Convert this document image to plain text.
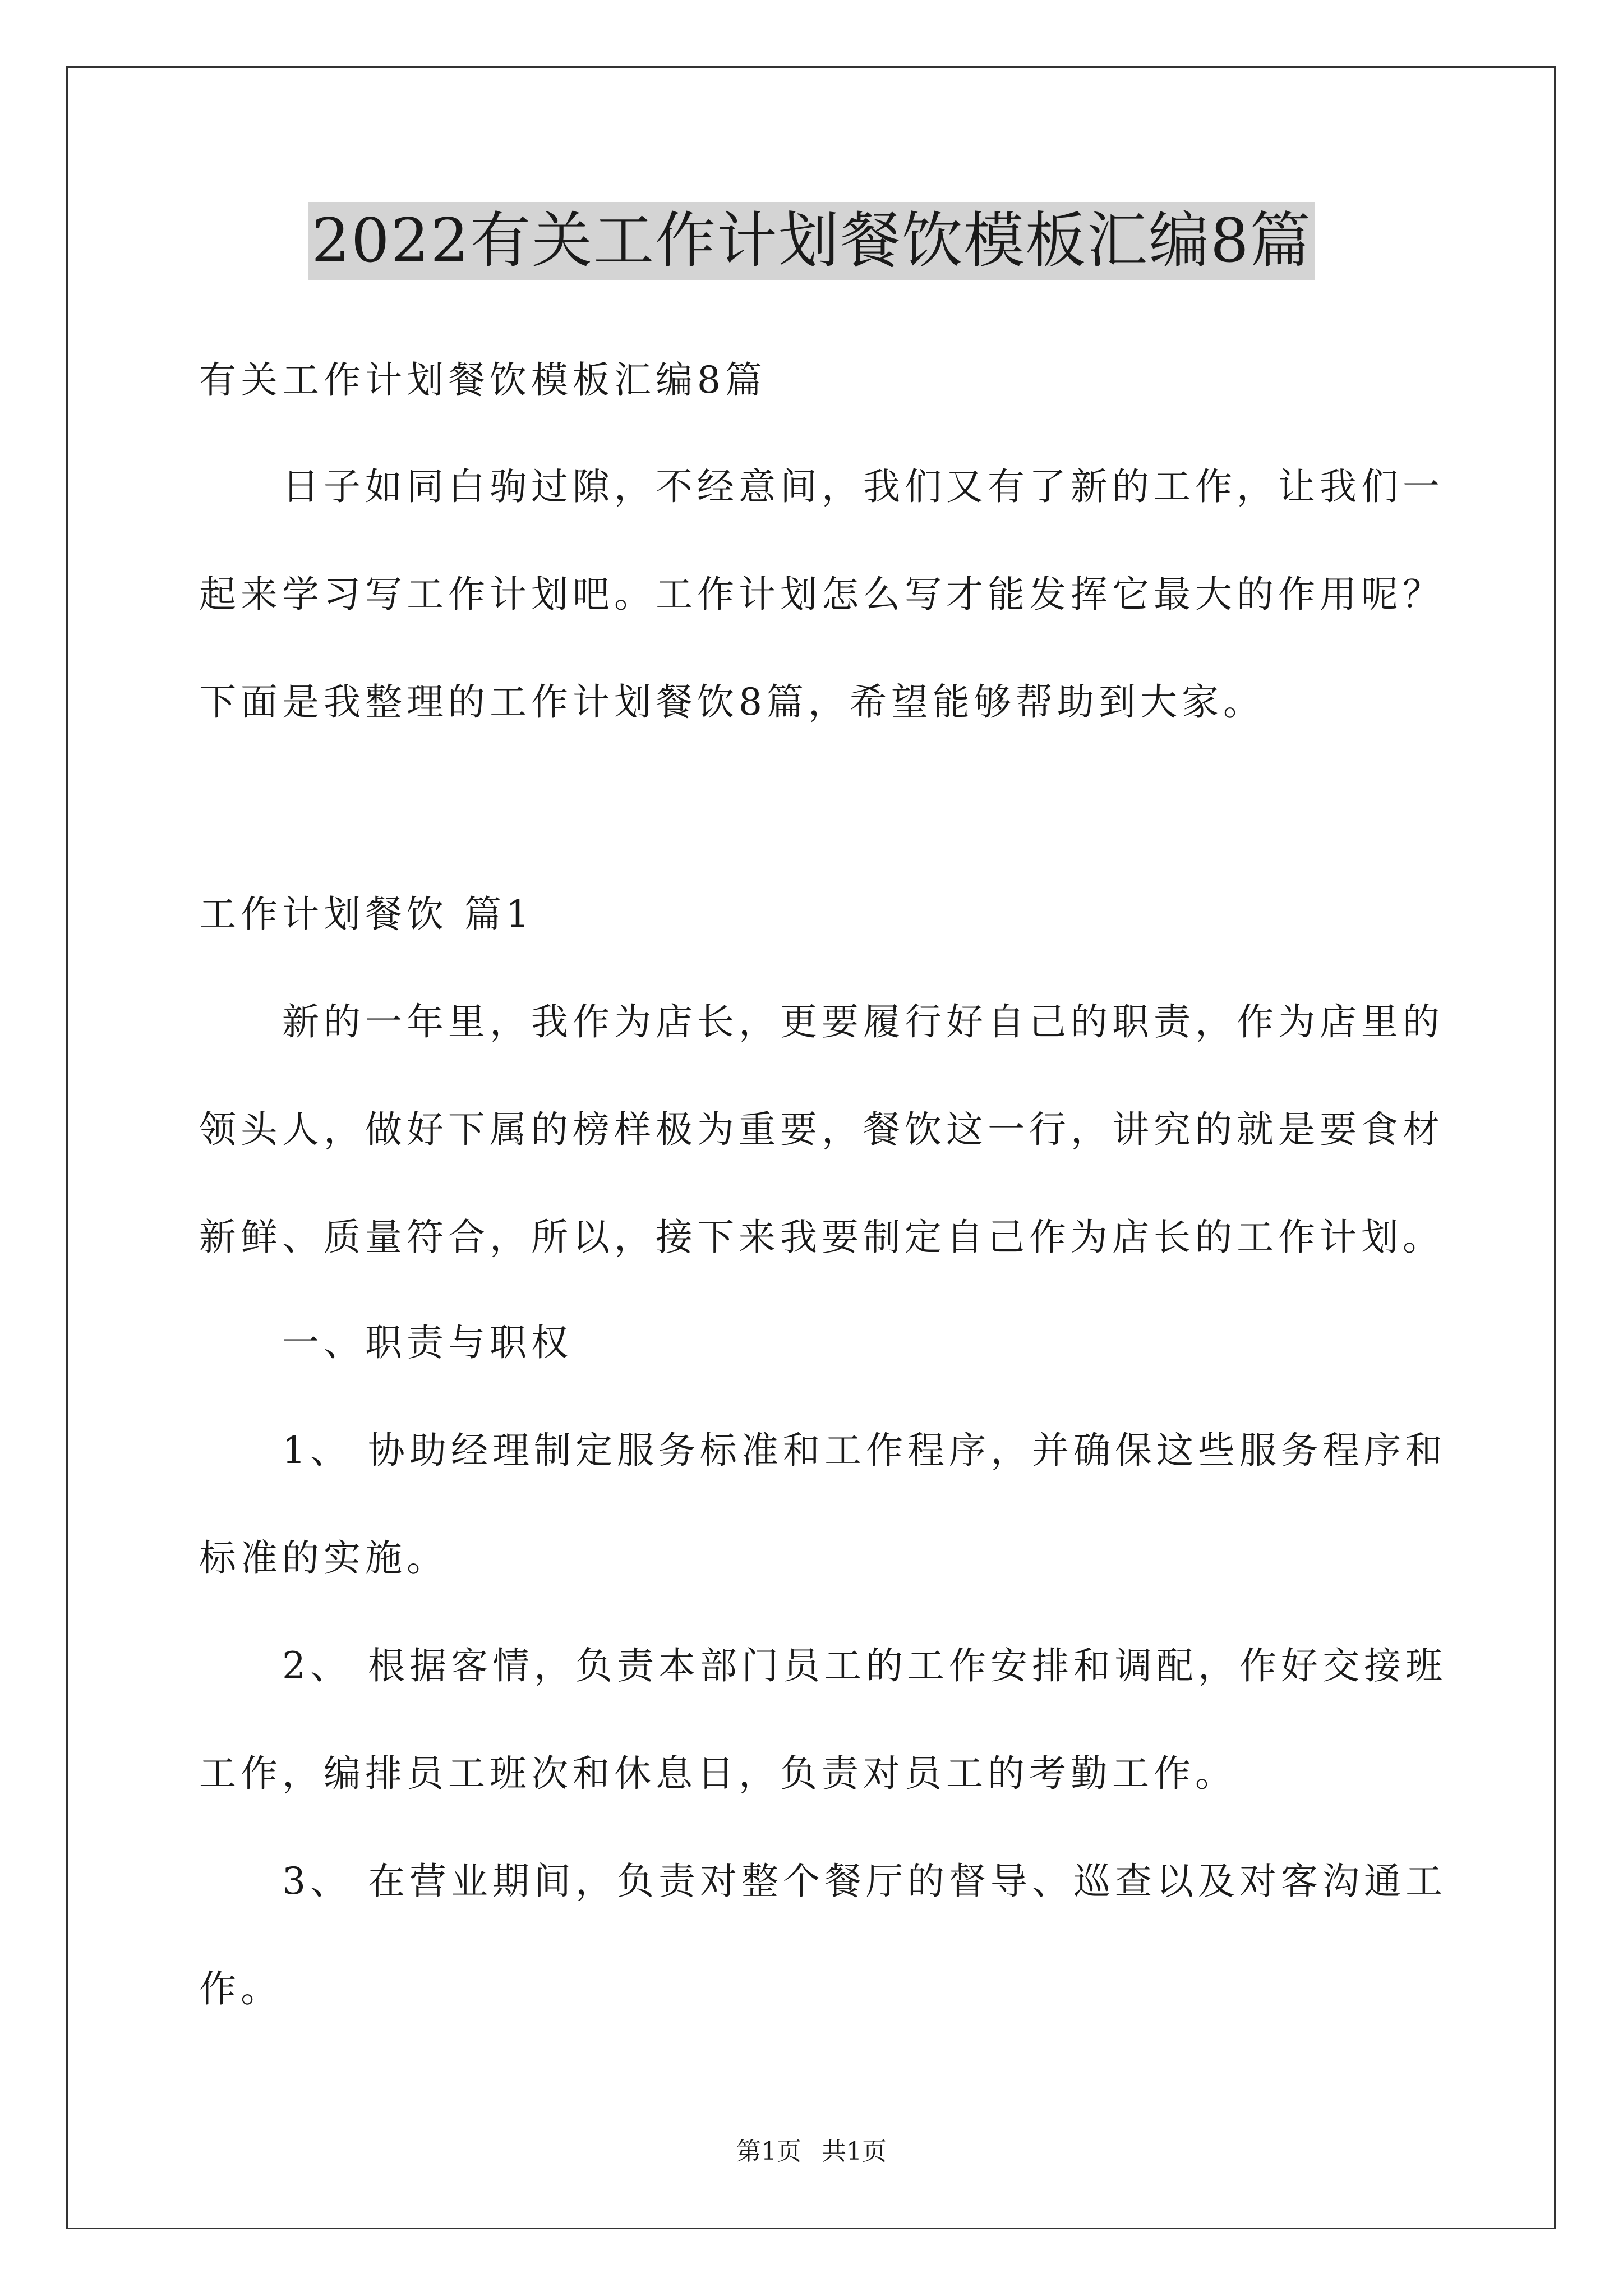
2022有关工作计划餐饮模板汇编8篇
有关工作计划餐饮模板汇编8篇
日子如同白驹过隙，不经意间，我们又有了新的工作，让我们一
起来学习写工作计划吧。工作计划怎么写才能发挥它最大的作用呢？
下面是我整理的工作计划餐饮8篇，希望能够帮助到大家。
工作计划餐饮 篇1
新的一年里，我作为店长，更要履行好自己的职责，作为店里的
领头人，做好下属的榜样极为重要，餐饮这一行，讲究的就是要食材
新鲜、质量符合，所以，接下来我要制定自己作为店长的工作计划。
一、职责与职权
1、 协助经理制定服务标准和工作程序，并确保这些服务程序和
标准的实施。
2、 根据客情，负责本部门员工的工作安排和调配，作好交接班
工作，编排员工班次和休息日，负责对员工的考勤工作。
3、 在营业期间，负责对整个餐厅的督导、巡查以及对客沟通工
作。
第1页 共1页
